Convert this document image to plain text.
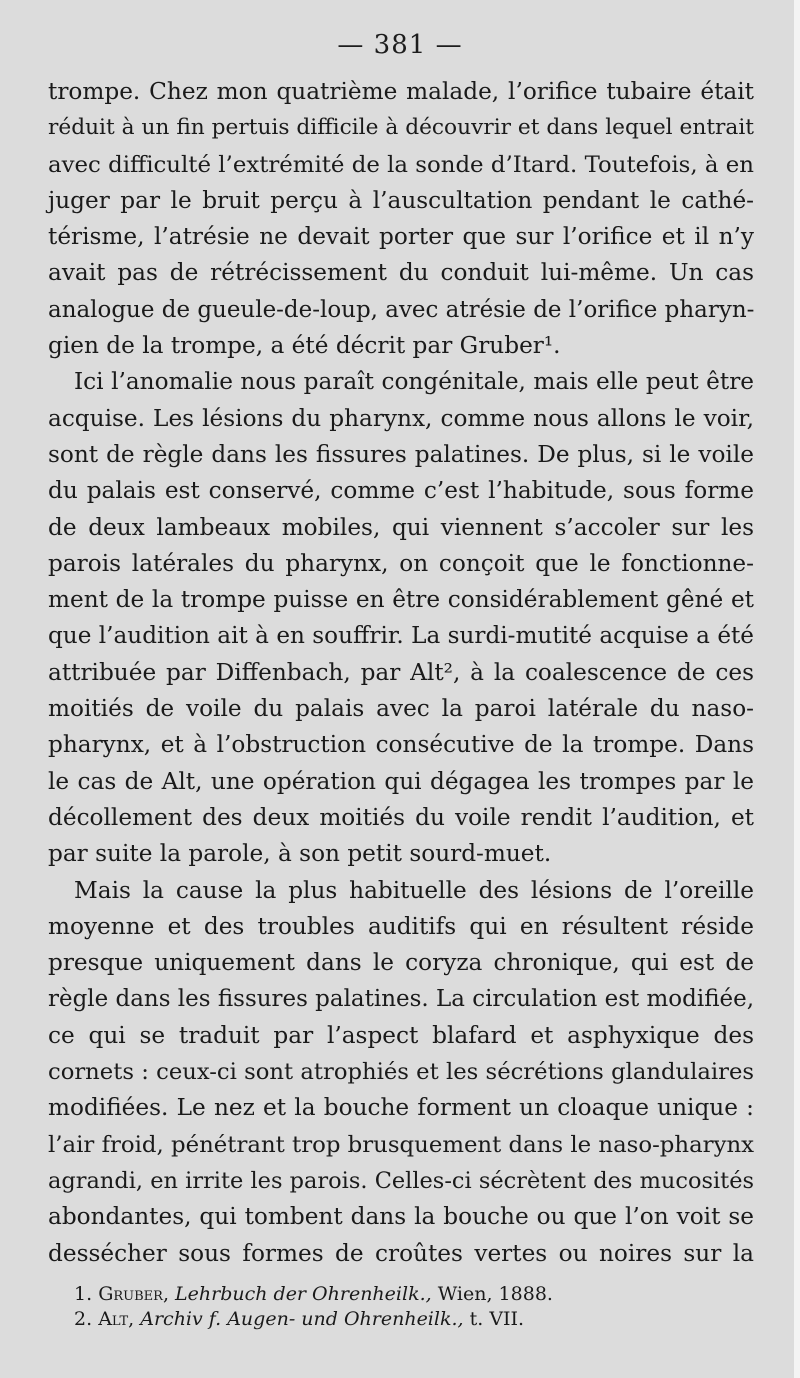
— 381 —
trompe. Chez mon quatrième malade, l’orifice tubaire était
réduit à un fin pertuis difficile à découvrir et dans lequel entrait
avec difficulté l’extrémité de la sonde d’Itard. Toutefois, à en
juger par le bruit perçu à l’auscultation pendant le cathé-
térisme, l’atrésie ne devait porter que sur l’orifice et il n’y
avait pas de rétrécissement du conduit lui-même. Un cas
analogue de gueule-de-loup, avec atrésie de l’orifice pharyn-
gien de la trompe, a été décrit par Gruber¹.
Ici l’anomalie nous paraît congénitale, mais elle peut être
acquise. Les lésions du pharynx, comme nous allons le voir,
sont de règle dans les fissures palatines. De plus, si le voile
du palais est conservé, comme c’est l’habitude, sous forme
de deux lambeaux mobiles, qui viennent s’accoler sur les
parois latérales du pharynx, on conçoit que le fonctionne-
ment de la trompe puisse en être considérablement gêné et
que l’audition ait à en souffrir. La surdi-mutité acquise a été
attribuée par Diffenbach, par Alt², à la coalescence de ces
moitiés de voile du palais avec la paroi latérale du naso-
pharynx, et à l’obstruction consécutive de la trompe. Dans
le cas de Alt, une opération qui dégagea les trompes par le
décollement des deux moitiés du voile rendit l’audition, et
par suite la parole, à son petit sourd-muet.
Mais la cause la plus habituelle des lésions de l’oreille
moyenne et des troubles auditifs qui en résultent réside
presque uniquement dans le coryza chronique, qui est de
règle dans les fissures palatines. La circulation est modifiée,
ce qui se traduit par l’aspect blafard et asphyxique des
cornets : ceux-ci sont atrophiés et les sécrétions glandulaires
modifiées. Le nez et la bouche forment un cloaque unique :
l’air froid, pénétrant trop brusquement dans le naso-pharynx
agrandi, en irrite les parois. Celles-ci sécrètent des mucosités
abondantes, qui tombent dans la bouche ou que l’on voit se
dessécher sous formes de croûtes vertes ou noires sur la
1. Gruber, Lehrbuch der Ohrenheilk., Wien, 1888.
2. Alt, Archiv f. Augen- und Ohrenheilk., t. VII.
